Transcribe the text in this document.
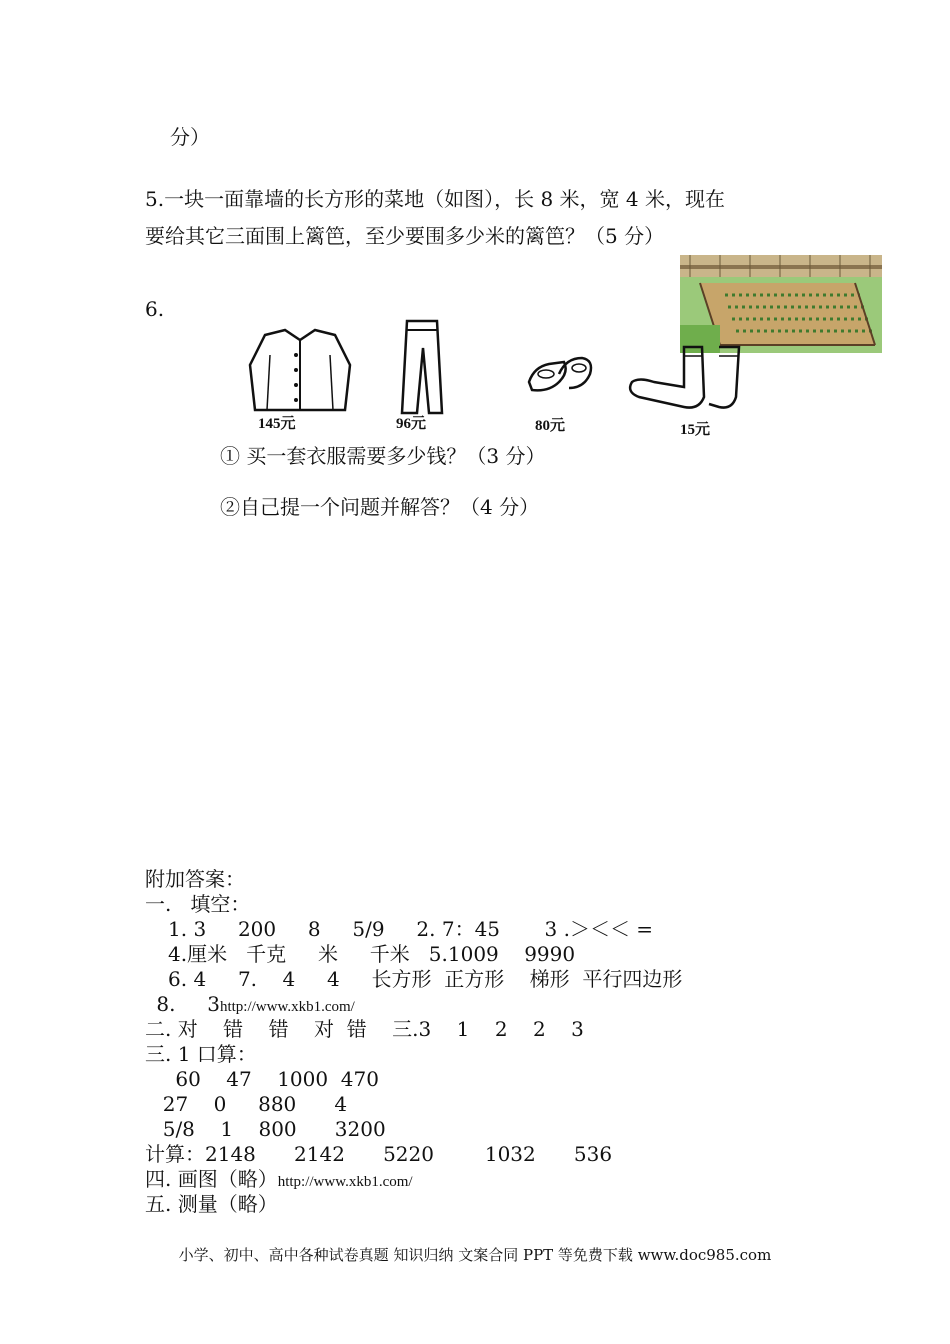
分）
5.一块一面靠墙的长方形的菜地（如图），长 8 米，宽 4 米，现在
要给其它三面围上篱笆，至少要围多少米的篱笆？（5 分）
6.
145元	96元	80元	15元
① 买一套衣服需要多少钱？（3 分）
②自己提一个问题并解答？（4 分）
附加答案：
一.   填空：
1. 3     200     8     5/9     2. 7：45       3 .＞＜＜ =
4.厘米   千克     米     千米   5.1009    9990
6. 4     7.    4     4     长方形  正方形    梯形  平行四边形
8.     3http://www.xkb1.com/
二. 对    错    错    对  错    三.3    1    2    2    3
三. 1 口算：
60    47    1000  470
27    0     880      4
5/8    1    800      3200
计算：2148      2142      5220        1032      536
四. 画图（略）http://www.xkb1.com/
五. 测量（略）
小学、初中、高中各种试卷真题 知识归纳 文案合同 PPT 等免费下载 www.doc985.com
